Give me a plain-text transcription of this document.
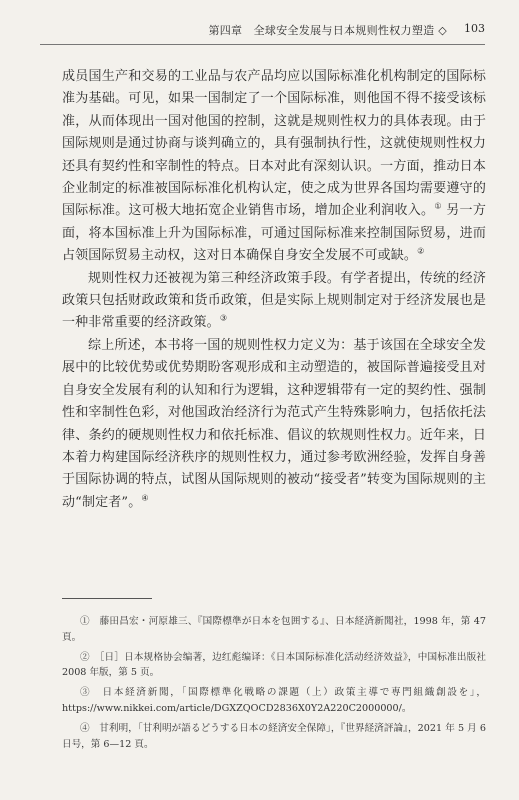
第四章　全球安全发展与日本规则性权力塑造 ◇ 103

成员国生产和交易的工业品与农产品均应以国际标准化机构制定的国际标准为基础。可见，如果一国制定了一个国际标准，则他国不得不接受该标准，从而体现出一国对他国的控制，这就是规则性权力的具体表现。由于国际规则是通过协商与谈判确立的，具有强制执行性，这就使规则性权力还具有契约性和宰制性的特点。日本对此有深刻认识。一方面，推动日本企业制定的标准被国际标准化机构认定，使之成为世界各国均需要遵守的国际标准。这可极大地拓宽企业销售市场，增加企业利润收入。① 另一方面，将本国标准上升为国际标准，可通过国际标准来控制国际贸易，进而占领国际贸易主动权，这对日本确保自身安全发展不可或缺。②

规则性权力还被视为第三种经济政策手段。有学者提出，传统的经济政策只包括财政政策和货币政策，但是实际上规则制定对于经济发展也是一种非常重要的经济政策。③

综上所述，本书将一国的规则性权力定义为：基于该国在全球安全发展中的比较优势或优势期盼客观形成和主动塑造的，被国际普遍接受且对自身安全发展有利的认知和行为逻辑，这种逻辑带有一定的契约性、强制性和宰制性色彩，对他国政治经济行为范式产生特殊影响力，包括依托法律、条约的硬规则性权力和依托标准、倡议的软规则性权力。近年来，日本着力构建国际经济秩序的规则性权力，通过参考欧洲经验，发挥自身善于国际协调的特点，试图从国际规则的被动“接受者”转变为国际规则的主动“制定者”。④

①　藤田昌宏・河原雄三、『国際標準が日本を包囲する』、日本経済新聞社，1998 年，第 47 頁。

②　［日］日本规格协会编著，边红彪编译：《日本国际标准化活动经济效益》，中国标准出版社 2008 年版，第 5 页。

③　日本経済新聞，「国際標準化戦略の課題（上）政策主導で専門組織創設を」，https://www.nikkei.com/article/DGXZQOCD2836X0Y2A220C2000000/。

④　甘利明，「甘利明が語るどうする日本の経済安全保障」，『世界経済評論』，2021 年 5 月 6 日号，第 6—12 頁。
